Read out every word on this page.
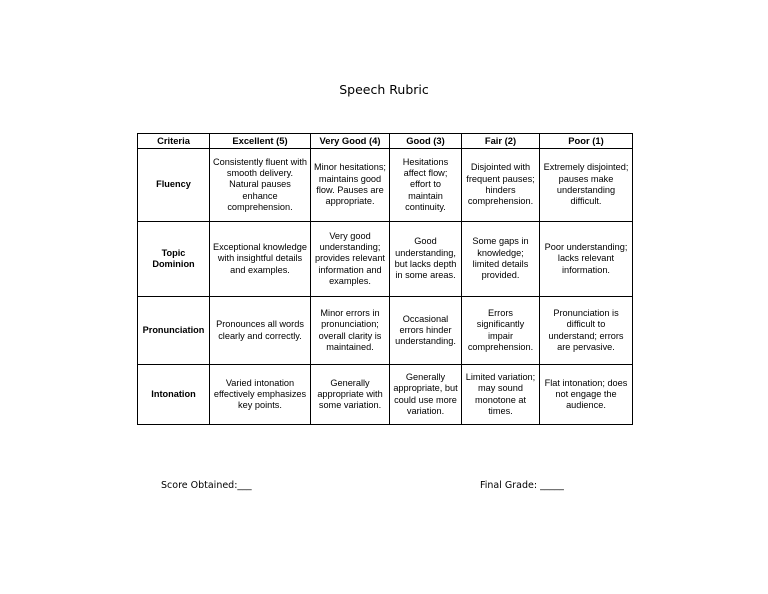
Speech Rubric
Criteria	Excellent (5)	Very Good (4)	Good (3)	Fair (2)	Poor (1)
Fluency	Consistently fluent with smooth delivery. Natural pauses enhance comprehension.	Minor hesitations; maintains good flow. Pauses are appropriate.	Hesitations affect flow; effort to maintain continuity.	Disjointed with frequent pauses; hinders comprehension.	Extremely disjointed; pauses make understanding difficult.
Topic Dominion	Exceptional knowledge with insightful details and examples.	Very good understanding; provides relevant information and examples.	Good understanding, but lacks depth in some areas.	Some gaps in knowledge; limited details provided.	Poor understanding; lacks relevant information.
Pronunciation	Pronounces all words clearly and correctly.	Minor errors in pronunciation; overall clarity is maintained.	Occasional errors hinder understanding.	Errors significantly impair comprehension.	Pronunciation is difficult to understand; errors are pervasive.
Intonation	Varied intonation effectively emphasizes key points.	Generally appropriate with some variation.	Generally appropriate, but could use more variation.	Limited variation; may sound monotone at times.	Flat intonation; does not engage the audience.
Score Obtained:___	Final Grade: _____
